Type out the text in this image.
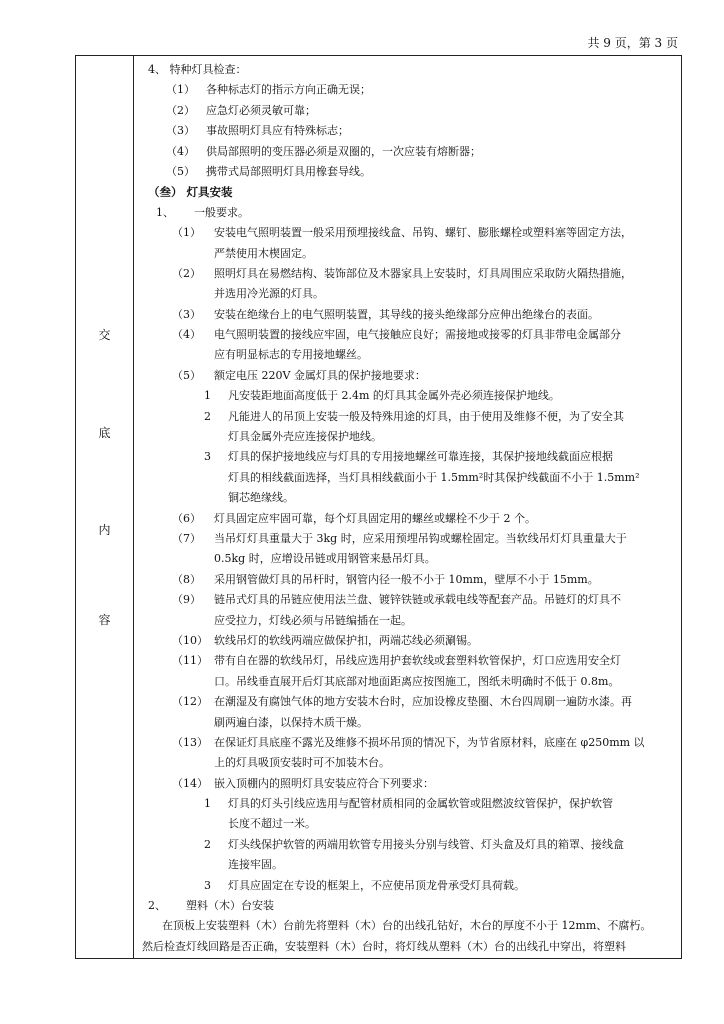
共 9 页，第 3 页
交
底
内
容
4、 特种灯具检查：
（1） 各种标志灯的指示方向正确无误；
（2） 应急灯必须灵敏可靠；
（3） 事故照明灯具应有特殊标志；
（4） 供局部照明的变压器必须是双圈的，一次应装有熔断器；
（5） 携带式局部照明灯具用橡套导线。
（叁） 灯具安装
1、 一般要求。
（1） 安装电气照明装置一般采用预埋接线盒、吊钩、螺钉、膨胀螺栓或塑料塞等固定方法，
严禁使用木楔固定。
（2） 照明灯具在易燃结构、装饰部位及木器家具上安装时，灯具周围应采取防火隔热措施，
并选用冷光源的灯具。
（3） 安装在绝缘台上的电气照明装置，其导线的接头绝缘部分应伸出绝缘台的表面。
（4） 电气照明装置的接线应牢固，电气接触应良好；需接地或接零的灯具非带电金属部分
应有明显标志的专用接地螺丝。
（5） 额定电压 220V 金属灯具的保护接地要求：
1 凡安装距地面高度低于 2.4m 的灯具其金属外壳必须连接保护地线。
2 凡能进人的吊顶上安装一般及特殊用途的灯具，由于使用及维修不便，为了安全其
灯具金属外壳应连接保护地线。
3 灯具的保护接地线应与灯具的专用接地螺丝可靠连接，其保护接地线截面应根据
灯具的相线截面选择，当灯具相线截面小于 1.5mm²时其保护线截面不小于 1.5mm²
铜芯绝缘线。
（6） 灯具固定应牢固可靠，每个灯具固定用的螺丝或螺栓不少于 2 个。
（7） 当吊灯灯具重量大于 3kg 时，应采用预埋吊钩或螺栓固定。当软线吊灯灯具重量大于
0.5kg 时，应增设吊链或用钢管来悬吊灯具。
（8） 采用钢管做灯具的吊杆时，钢管内径一般不小于 10mm，壁厚不小于 15mm。
（9） 链吊式灯具的吊链应使用法兰盘、镀锌铁链或承载电线等配套产品。吊链灯的灯具不
应受拉力，灯线必须与吊链编插在一起。
（10） 软线吊灯的软线两端应做保护扣，两端芯线必须涮锡。
（11） 带有自在器的软线吊灯，吊线应选用护套软线或套塑料软管保护，灯口应选用安全灯
口。吊线垂直展开后灯其底部对地面距离应按图施工，图纸未明确时不低于 0.8m。
（12） 在潮湿及有腐蚀气体的地方安装木台时，应加设橡皮垫圈、木台四周刷一遍防水漆。再
刷两遍白漆，以保持木质干燥。
（13） 在保证灯具底座不露光及维修不损坏吊顶的情况下，为节省原材料，底座在 φ250mm 以
上的灯具吸顶安装时可不加装木台。
（14） 嵌入顶棚内的照明灯具安装应符合下列要求：
1 灯具的灯头引线应选用与配管材质相同的金属软管或阻燃波纹管保护，保护软管
长度不超过一米。
2 灯头线保护软管的两端用软管专用接头分别与线管、灯头盒及灯具的箱罩、接线盒
连接牢固。
3 灯具应固定在专设的框架上，不应使吊顶龙骨承受灯具荷载。
2、 塑料（木）台安装
在顶板上安装塑料（木）台前先将塑料（木）台的出线孔钻好，木台的厚度不小于 12mm、不腐朽。
然后检查灯线回路是否正确，安装塑料（木）台时，将灯线从塑料（木）台的出线孔中穿出，将塑料
